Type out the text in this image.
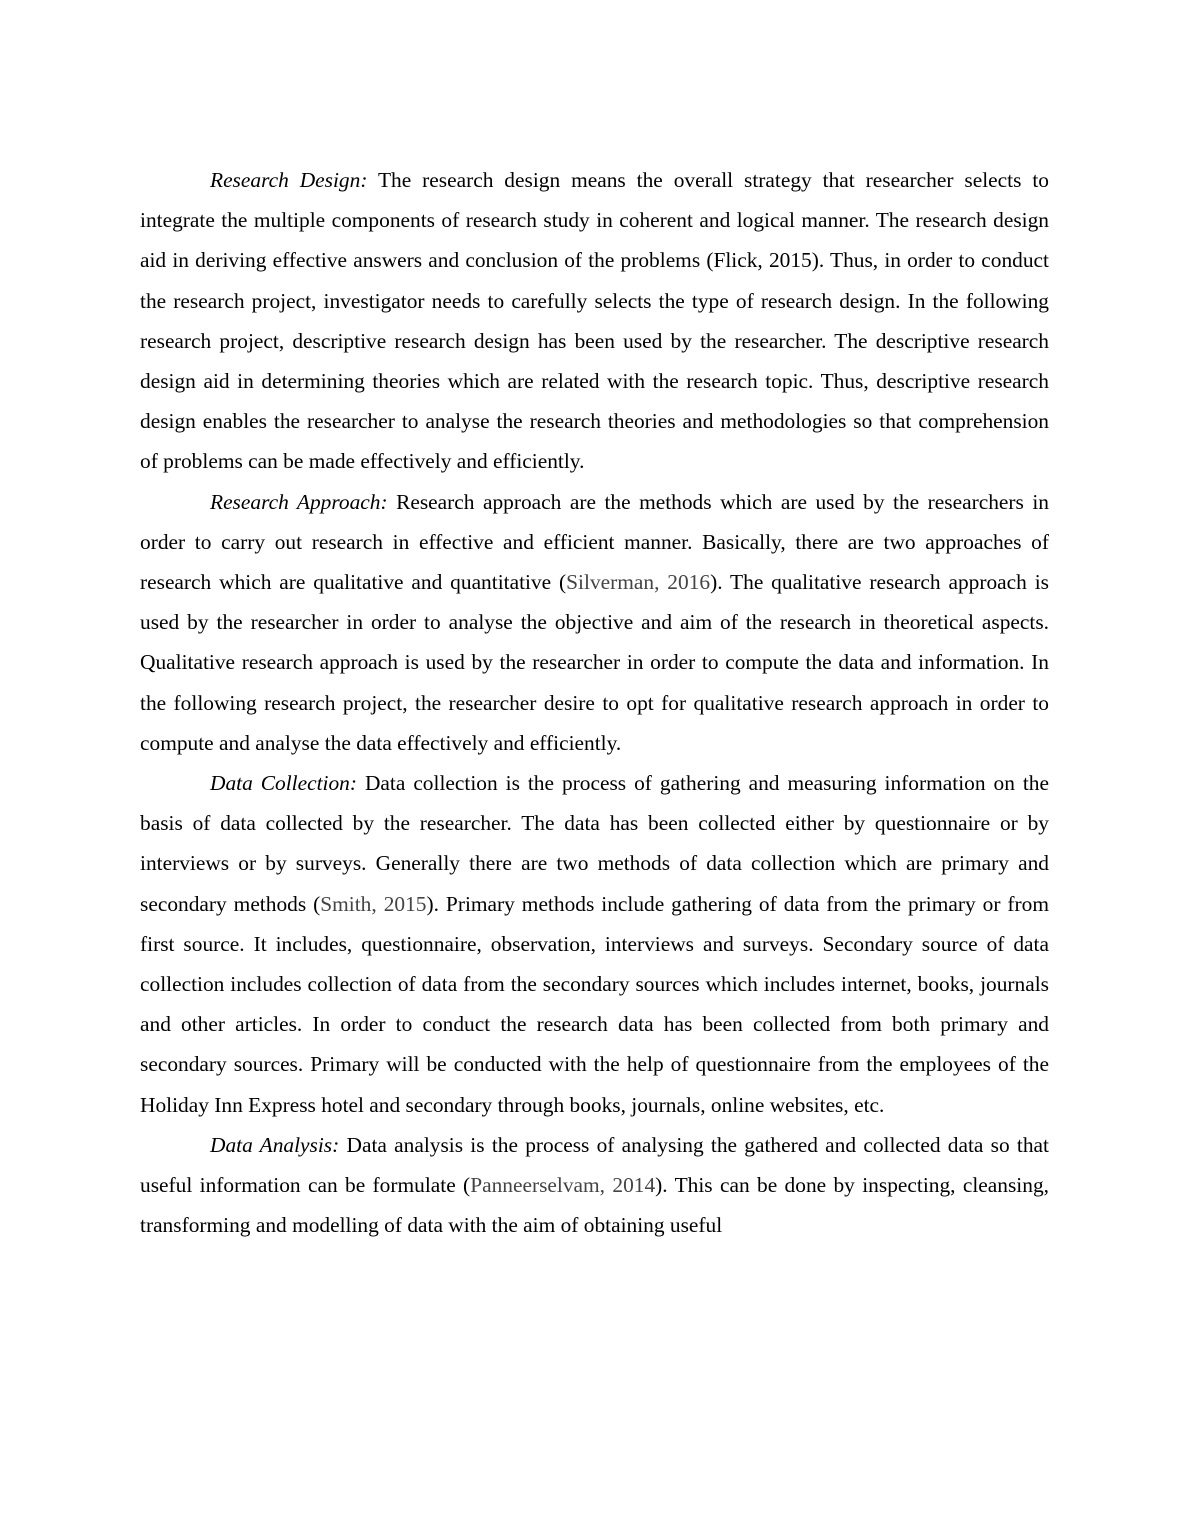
Research Design: The research design means the overall strategy that researcher selects to integrate the multiple components of research study in coherent and logical manner. The research design aid in deriving effective answers and conclusion of the problems (Flick, 2015). Thus, in order to conduct the research project, investigator needs to carefully selects the type of research design. In the following research project, descriptive research design has been used by the researcher. The descriptive research design aid in determining theories which are related with the research topic. Thus, descriptive research design enables the researcher to analyse the research theories and methodologies so that comprehension of problems can be made effectively and efficiently.

Research Approach: Research approach are the methods which are used by the researchers in order to carry out research in effective and efficient manner. Basically, there are two approaches of research which are qualitative and quantitative (Silverman, 2016). The qualitative research approach is used by the researcher in order to analyse the objective and aim of the research in theoretical aspects. Qualitative research approach is used by the researcher in order to compute the data and information. In the following research project, the researcher desire to opt for qualitative research approach in order to compute and analyse the data effectively and efficiently.

Data Collection: Data collection is the process of gathering and measuring information on the basis of data collected by the researcher. The data has been collected either by questionnaire or by interviews or by surveys. Generally there are two methods of data collection which are primary and secondary methods (Smith, 2015). Primary methods include gathering of data from the primary or from first source. It includes, questionnaire, observation, interviews and surveys. Secondary source of data collection includes collection of data from the secondary sources which includes internet, books, journals and other articles. In order to conduct the research data has been collected from both primary and secondary sources. Primary will be conducted with the help of questionnaire from the employees of the Holiday Inn Express hotel and secondary through books, journals, online websites, etc.

Data Analysis: Data analysis is the process of analysing the gathered and collected data so that useful information can be formulate (Panneerselvam, 2014). This can be done by inspecting, cleansing, transforming and modelling of data with the aim of obtaining useful
